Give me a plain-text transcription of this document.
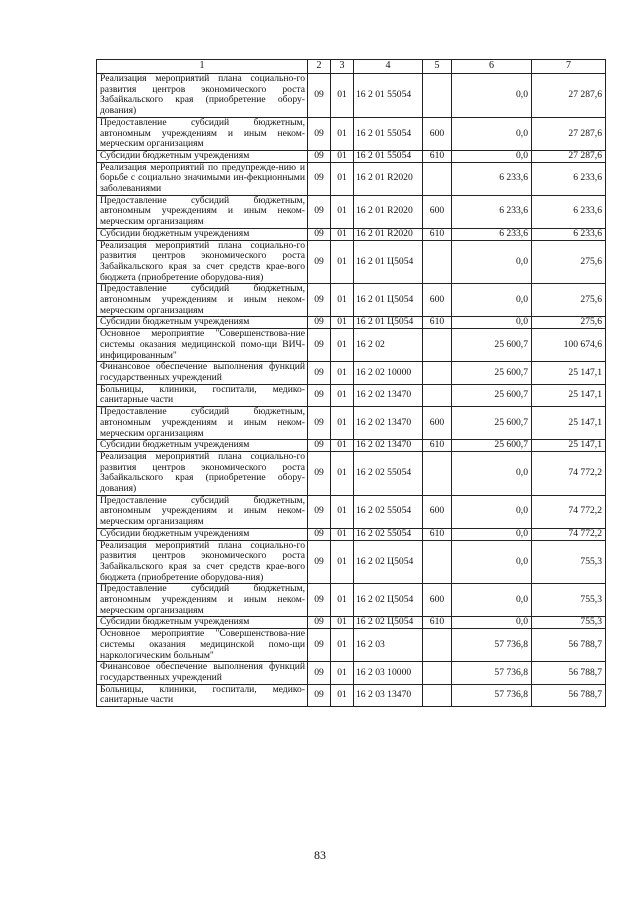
1	2	3	4	5	6	7
Реализация мероприятий плана социально-го развития центров экономического роста Забайкальского края (приобретение обору-дования)	09	01	16 2 01 55054		0,0	27 287,6
Предоставление субсидий бюджетным, автономным учреждениям и иным неком-мерческим организациям	09	01	16 2 01 55054	600	0,0	27 287,6
Субсидии бюджетным учреждениям	09	01	16 2 01 55054	610	0,0	27 287,6
Реализация мероприятий по предупрежде-нию и борьбе с социально значимыми ин-фекционными заболеваниями	09	01	16 2 01 R2020		6 233,6	6 233,6
Предоставление субсидий бюджетным, автономным учреждениям и иным неком-мерческим организациям	09	01	16 2 01 R2020	600	6 233,6	6 233,6
Субсидии бюджетным учреждениям	09	01	16 2 01 R2020	610	6 233,6	6 233,6
Реализация мероприятий плана социально-го развития центров экономического роста Забайкальского края за счет средств крае-вого бюджета (приобретение оборудова-ния)	09	01	16 2 01 Ц5054		0,0	275,6
Предоставление субсидий бюджетным, автономным учреждениям и иным неком-мерческим организациям	09	01	16 2 01 Ц5054	600	0,0	275,6
Субсидии бюджетным учреждениям	09	01	16 2 01 Ц5054	610	0,0	275,6
Основное мероприятие "Совершенствова-ние системы оказания медицинской помо-щи ВИЧ-инфицированным"	09	01	16 2 02		25 600,7	100 674,6
Финансовое обеспечение выполнения функций государственных учреждений	09	01	16 2 02 10000		25 600,7	25 147,1
Больницы, клиники, госпитали, медико-санитарные части	09	01	16 2 02 13470		25 600,7	25 147,1
Предоставление субсидий бюджетным, автономным учреждениям и иным неком-мерческим организациям	09	01	16 2 02 13470	600	25 600,7	25 147,1
Субсидии бюджетным учреждениям	09	01	16 2 02 13470	610	25 600,7	25 147,1
Реализация мероприятий плана социально-го развития центров экономического роста Забайкальского края (приобретение обору-дования)	09	01	16 2 02 55054		0,0	74 772,2
Предоставление субсидий бюджетным, автономным учреждениям и иным неком-мерческим организациям	09	01	16 2 02 55054	600	0,0	74 772,2
Субсидии бюджетным учреждениям	09	01	16 2 02 55054	610	0,0	74 772,2
Реализация мероприятий плана социально-го развития центров экономического роста Забайкальского края за счет средств крае-вого бюджета (приобретение оборудова-ния)	09	01	16 2 02 Ц5054		0,0	755,3
Предоставление субсидий бюджетным, автономным учреждениям и иным неком-мерческим организациям	09	01	16 2 02 Ц5054	600	0,0	755,3
Субсидии бюджетным учреждениям	09	01	16 2 02 Ц5054	610	0,0	755,3
Основное мероприятие "Совершенствова-ние системы оказания медицинской помо-щи наркологическим больным"	09	01	16 2 03		57 736,8	56 788,7
Финансовое обеспечение выполнения функций государственных учреждений	09	01	16 2 03 10000		57 736,8	56 788,7
Больницы, клиники, госпитали, медико-санитарные части	09	01	16 2 03 13470		57 736,8	56 788,7
83
